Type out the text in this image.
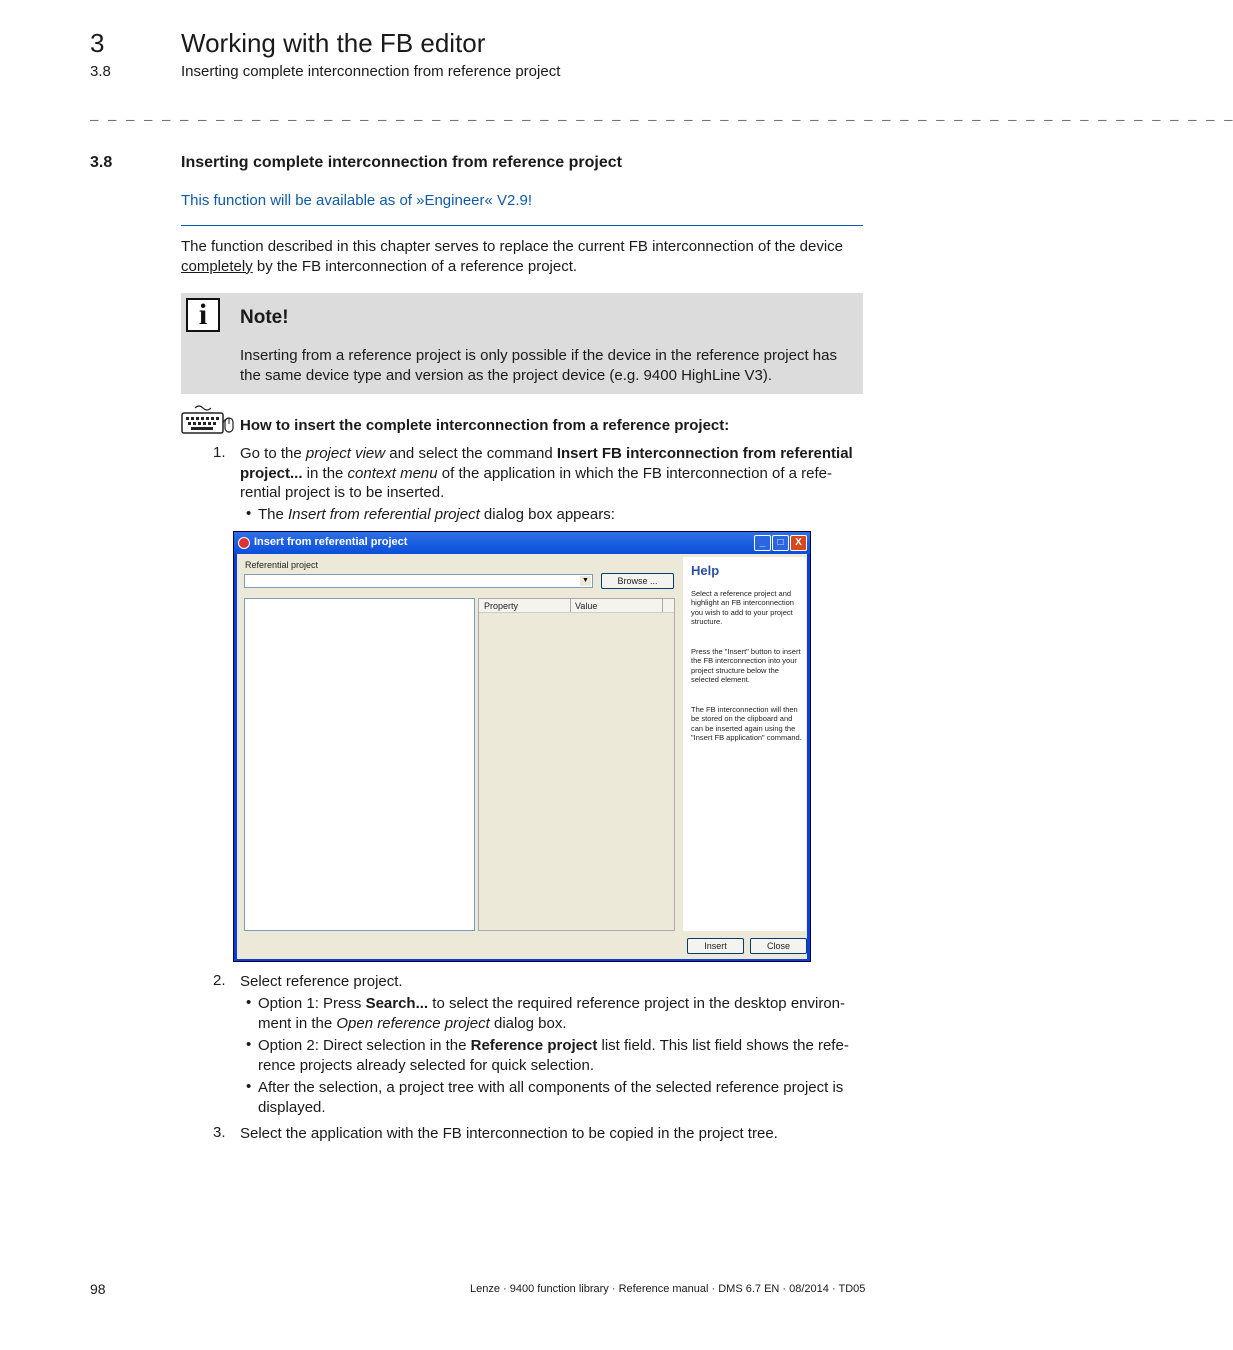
3	Working with the FB editor
3.8	Inserting complete interconnection from reference project
_ _ _ _ _ _ _ _ _ _ _ _ _ _ _ _ _ _ _ _ _ _ _ _ _ _ _ _ _ _ _ _ _ _ _ _ _ _ _ _ _ _ _ _ _ _ _ _ _ _ _ _ _ _ _ _ _ _ _ _ _ _ _ _
3.8	Inserting complete interconnection from reference project
This function will be available as of »Engineer« V2.9!
The function described in this chapter serves to replace the current FB interconnection of the device completely by the FB interconnection of a reference project.
i	Note!
Inserting from a reference project is only possible if the device in the reference project has the same device type and version as the project device (e.g. 9400 HighLine V3).
How to insert the complete interconnection from a reference project:
1. Go to the project view and select the command Insert FB interconnection from referential project... in the context menu of the application in which the FB interconnection of a refe-rential project is to be inserted.
• The Insert from referential project dialog box appears:
Insert from referential project	_	□	X
Referential project
▼	Browse ...
Property	Value
Help
Select a reference project and highlight an FB interconnection you wish to add to your project structure.
Press the "Insert" button to insert the FB interconnection into your project structure below the selected element.
The FB interconnection will then be stored on the clipboard and can be inserted again using the "Insert FB application" command.
Insert	Close
2. Select reference project.
• Option 1: Press Search... to select the required reference project in the desktop environ-ment in the Open reference project dialog box.
• Option 2: Direct selection in the Reference project list field. This list field shows the refe-rence projects already selected for quick selection.
• After the selection, a project tree with all components of the selected reference project is displayed.
3. Select the application with the FB interconnection to be copied in the project tree.
98	Lenze · 9400 function library · Reference manual · DMS 6.7 EN · 08/2014 · TD05
